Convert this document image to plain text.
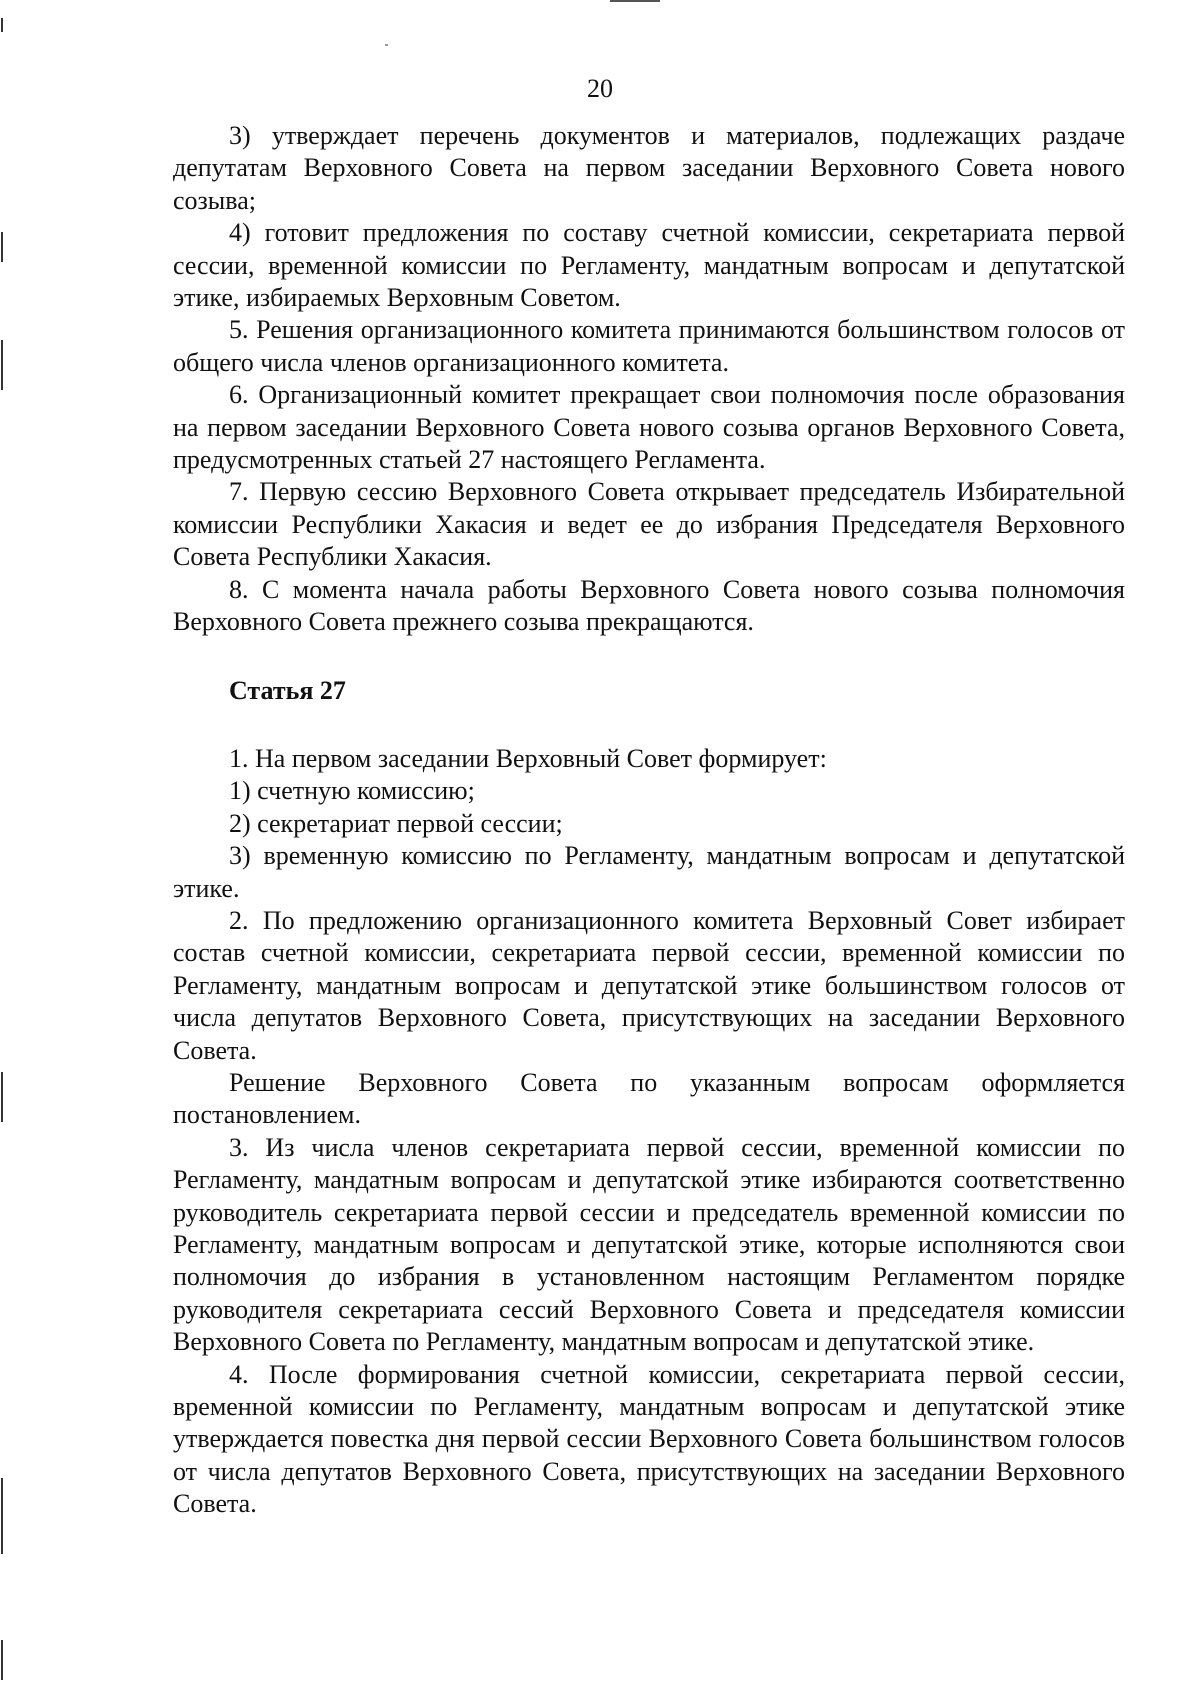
20

3) утверждает перечень документов и материалов, подлежащих раздаче депутатам Верховного Совета на первом заседании Верховного Совета нового созыва;

4) готовит предложения по составу счетной комиссии, секретариата первой сессии, временной комиссии по Регламенту, мандатным вопросам и депутатской этике, избираемых Верховным Советом.

5. Решения организационного комитета принимаются большинством голосов от общего числа членов организационного комитета.

6. Организационный комитет прекращает свои полномочия после образования на первом заседании Верховного Совета нового созыва органов Верховного Совета, предусмотренных статьей 27 настоящего Регламента.

7. Первую сессию Верховного Совета открывает председатель Избирательной комиссии Республики Хакасия и ведет ее до избрания Председателя Верховного Совета Республики Хакасия.

8. С момента начала работы Верховного Совета нового созыва полномочия Верховного Совета прежнего созыва прекращаются.

Статья 27

1. На первом заседании Верховный Совет формирует:

1) счетную комиссию;

2) секретариат первой сессии;

3) временную комиссию по Регламенту, мандатным вопросам и депутатской этике.

2. По предложению организационного комитета Верховный Совет избирает состав счетной комиссии, секретариата первой сессии, временной комиссии по Регламенту, мандатным вопросам и депутатской этике большинством голосов от числа депутатов Верховного Совета, присутствующих на заседании Верховного Совета.

Решение Верховного Совета по указанным вопросам оформляется постановлением.

3. Из числа членов секретариата первой сессии, временной комиссии по Регламенту, мандатным вопросам и депутатской этике избираются соответственно руководитель секретариата первой сессии и председатель временной комиссии по Регламенту, мандатным вопросам и депутатской этике, которые исполняются свои полномочия до избрания в установленном настоящим Регламентом порядке руководителя секретариата сессий Верховного Совета и председателя комиссии Верховного Совета по Регламенту, мандатным вопросам и депутатской этике.

4. После формирования счетной комиссии, секретариата первой сессии, временной комиссии по Регламенту, мандатным вопросам и депутатской этике утверждается повестка дня первой сессии Верховного Совета большинством голосов от числа депутатов Верховного Совета, присутствующих на заседании Верховного Совета.
